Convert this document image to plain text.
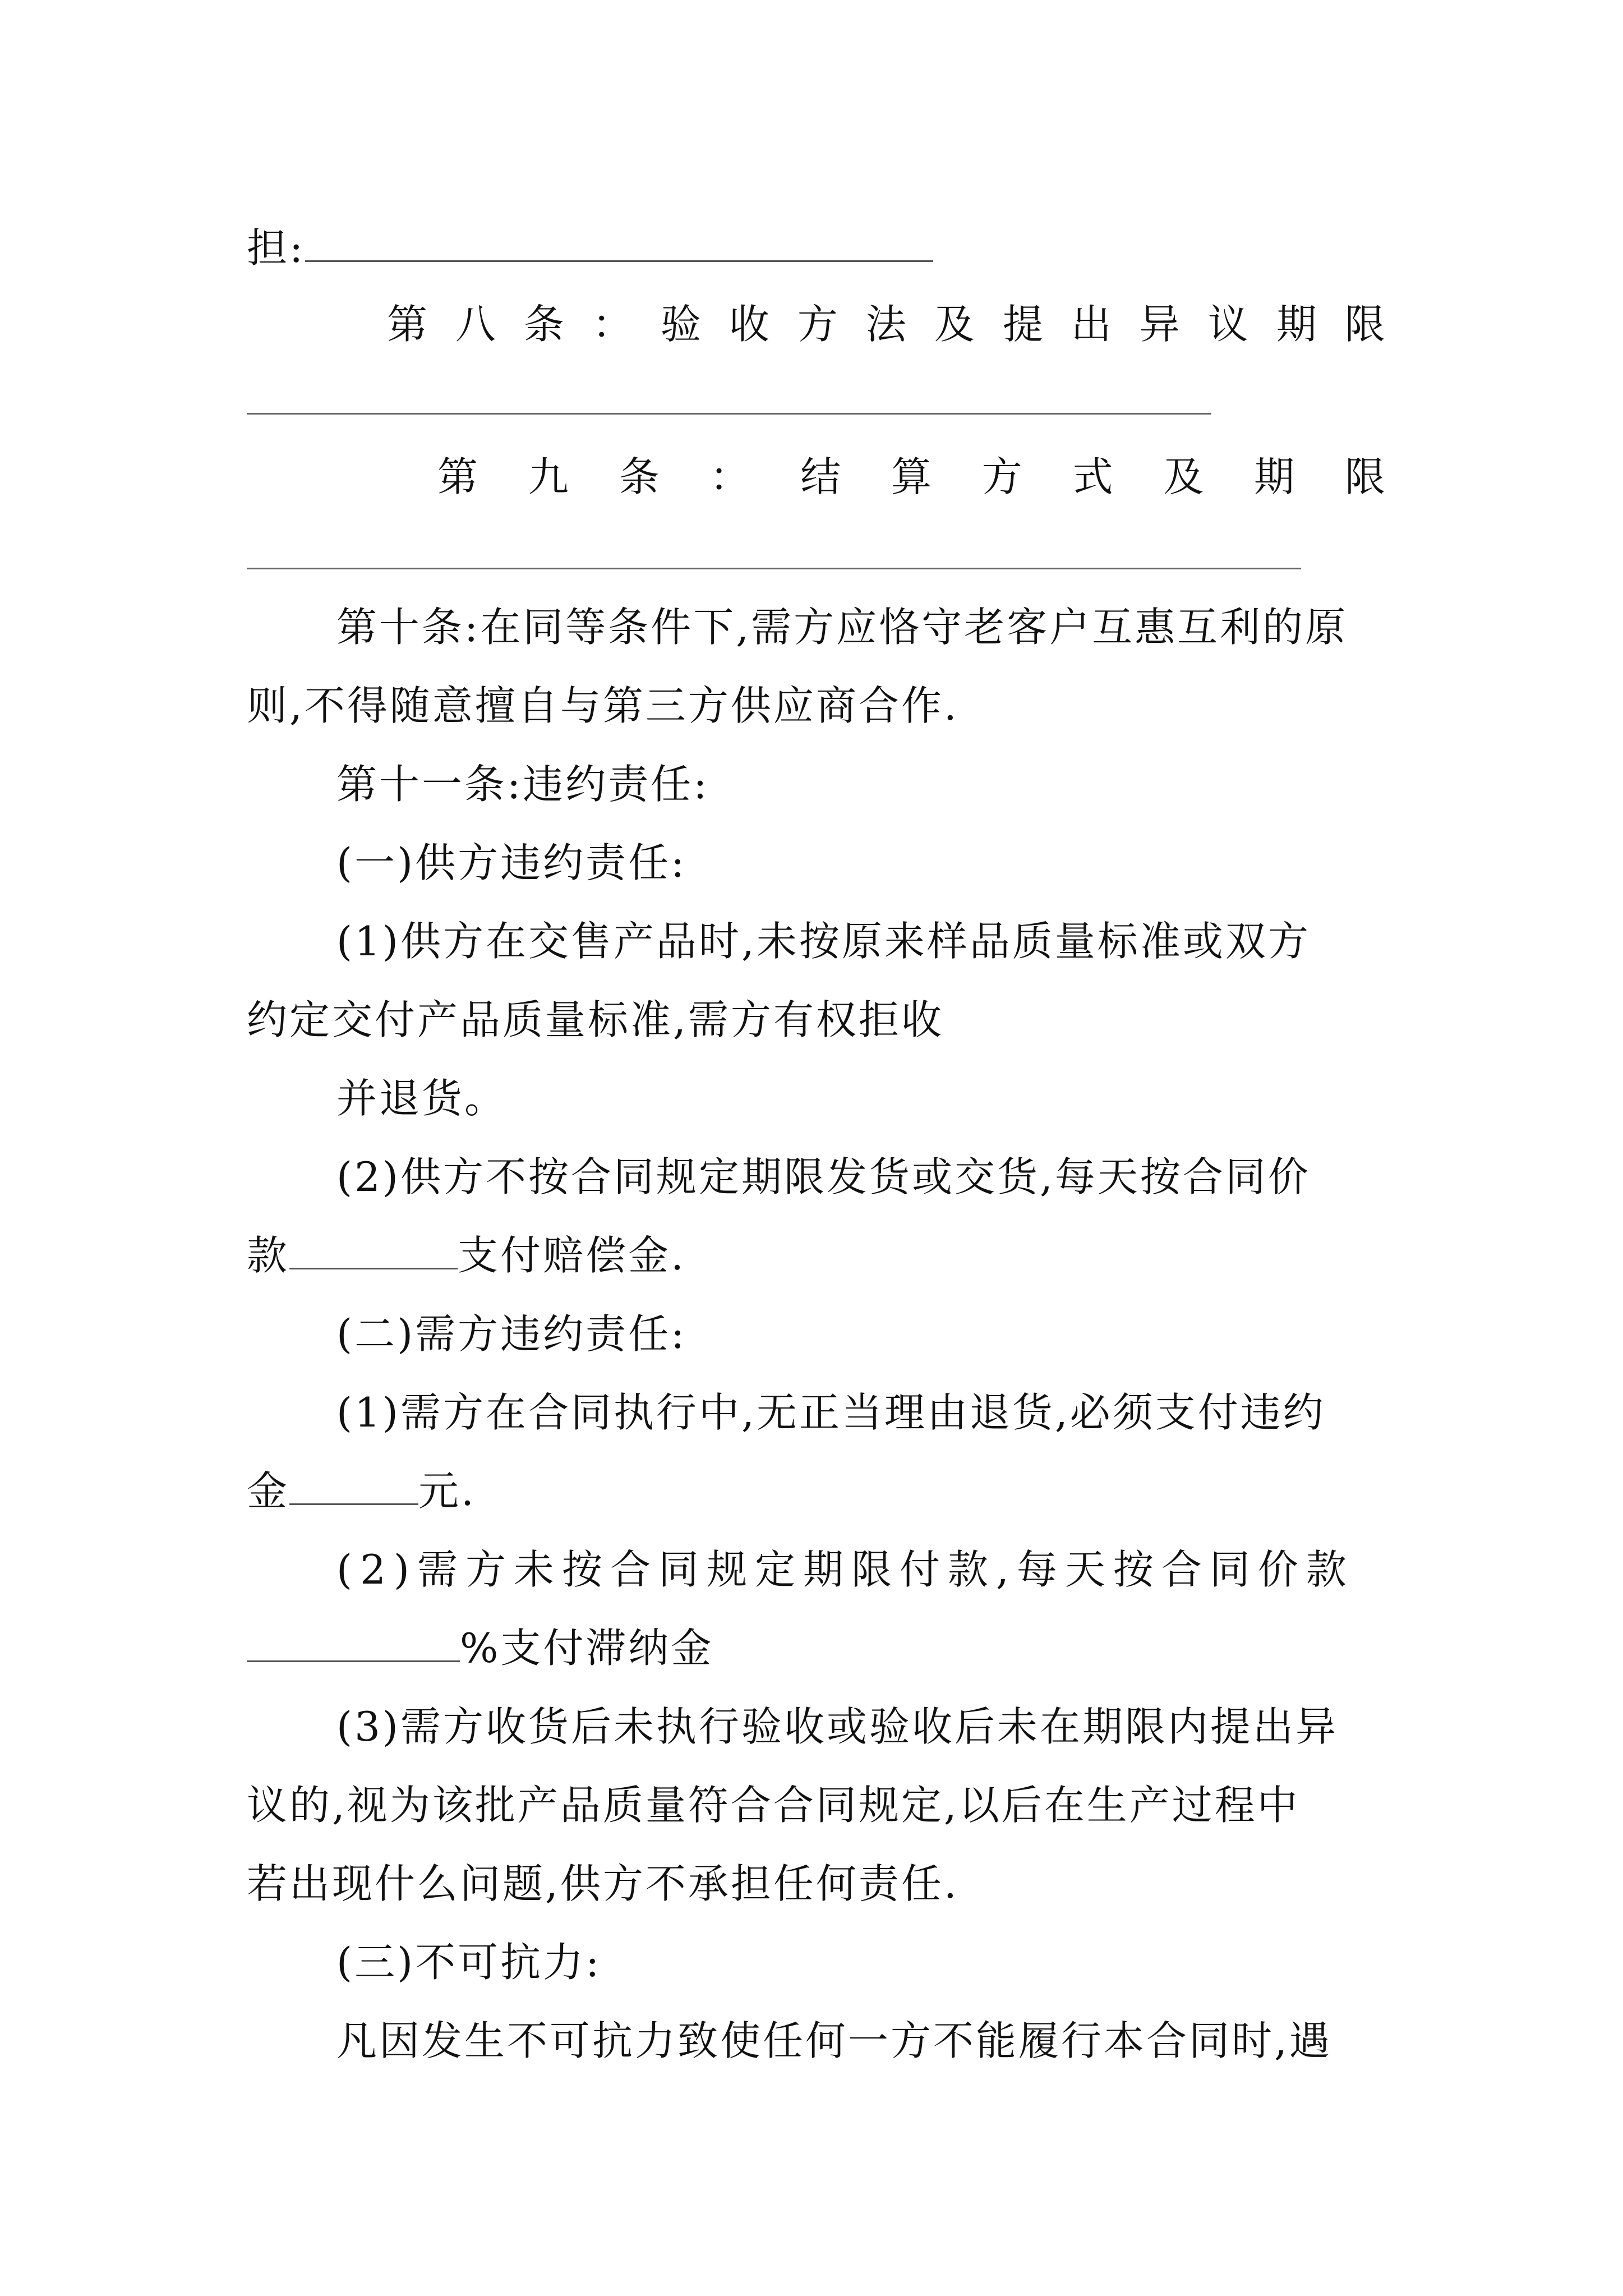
担:
第 八 条 ： 验 收 方 法 及 提 出 异 议 期 限
第 九 条 ： 结 算 方 式 及 期 限
第十条:在同等条件下,需方应恪守老客户互惠互利的原
则,不得随意擅自与第三方供应商合作.
第十一条:违约责任:
(一)供方违约责任:
(1)供方在交售产品时,未按原来样品质量标准或双方
约定交付产品质量标准,需方有权拒收
并退货。
(2)供方不按合同规定期限发货或交货,每天按合同价
款	支付赔偿金.
(二)需方违约责任:
(1)需方在合同执行中,无正当理由退货,必须支付违约
金	元.
(2)需方未按合同规定期限付款,每天按合同价款
%支付滞纳金
(3)需方收货后未执行验收或验收后未在期限内提出异
议的,视为该批产品质量符合合同规定,以后在生产过程中
若出现什么问题,供方不承担任何责任.
(三)不可抗力:
凡因发生不可抗力致使任何一方不能履行本合同时,遇
